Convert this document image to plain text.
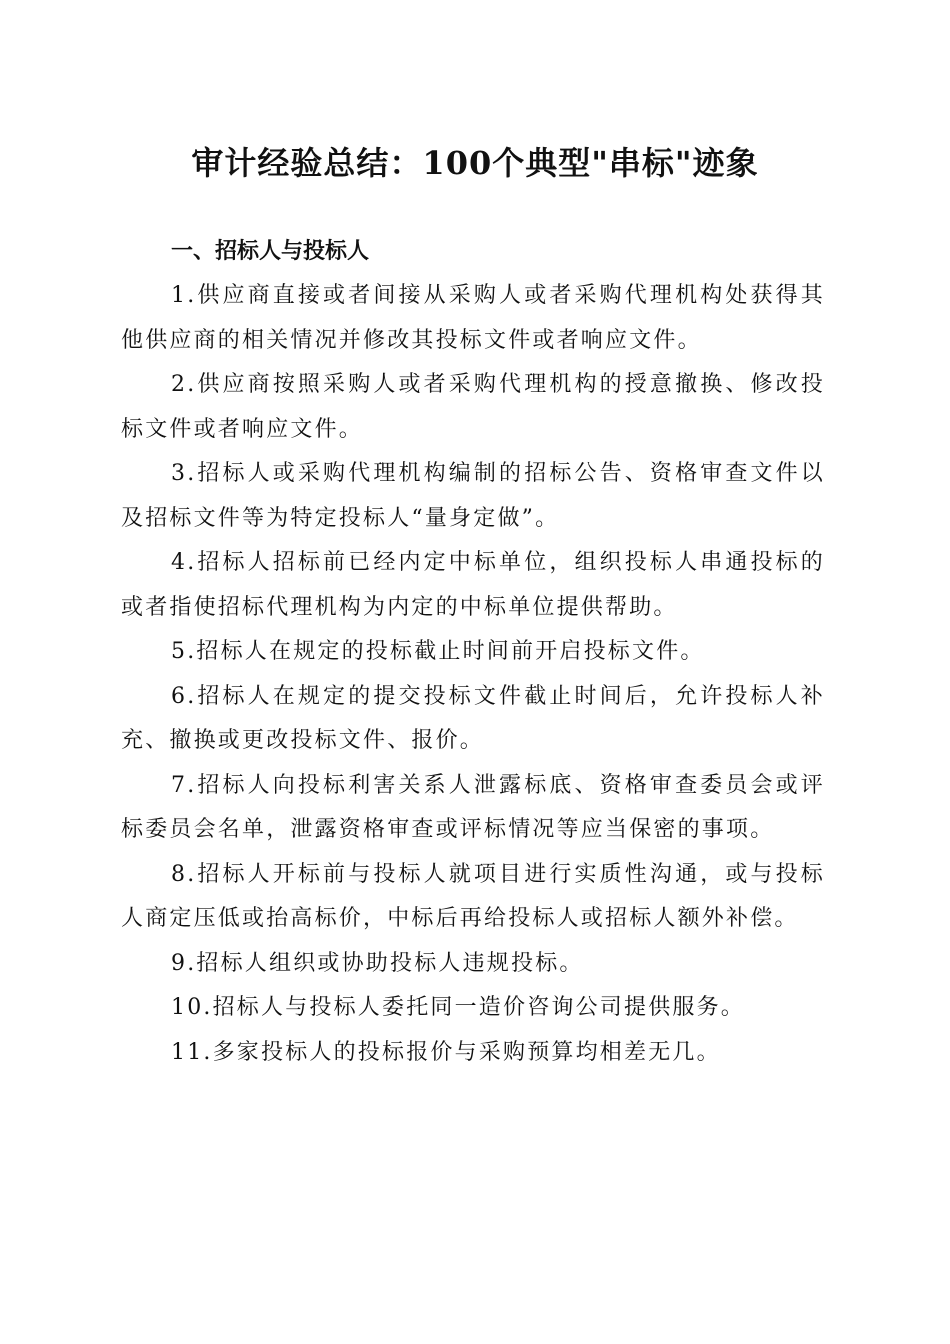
审计经验总结：100个典型"串标"迹象

一、招标人与投标人

1.供应商直接或者间接从采购人或者采购代理机构处获得其他供应商的相关情况并修改其投标文件或者响应文件。

2.供应商按照采购人或者采购代理机构的授意撤换、修改投标文件或者响应文件。

3.招标人或采购代理机构编制的招标公告、资格审查文件以及招标文件等为特定投标人“量身定做”。

4.招标人招标前已经内定中标单位，组织投标人串通投标的或者指使招标代理机构为内定的中标单位提供帮助。

5.招标人在规定的投标截止时间前开启投标文件。

6.招标人在规定的提交投标文件截止时间后，允许投标人补充、撤换或更改投标文件、报价。

7.招标人向投标利害关系人泄露标底、资格审查委员会或评标委员会名单，泄露资格审查或评标情况等应当保密的事项。

8.招标人开标前与投标人就项目进行实质性沟通，或与投标人商定压低或抬高标价，中标后再给投标人或招标人额外补偿。

9.招标人组织或协助投标人违规投标。

10.招标人与投标人委托同一造价咨询公司提供服务。

11.多家投标人的投标报价与采购预算均相差无几。
